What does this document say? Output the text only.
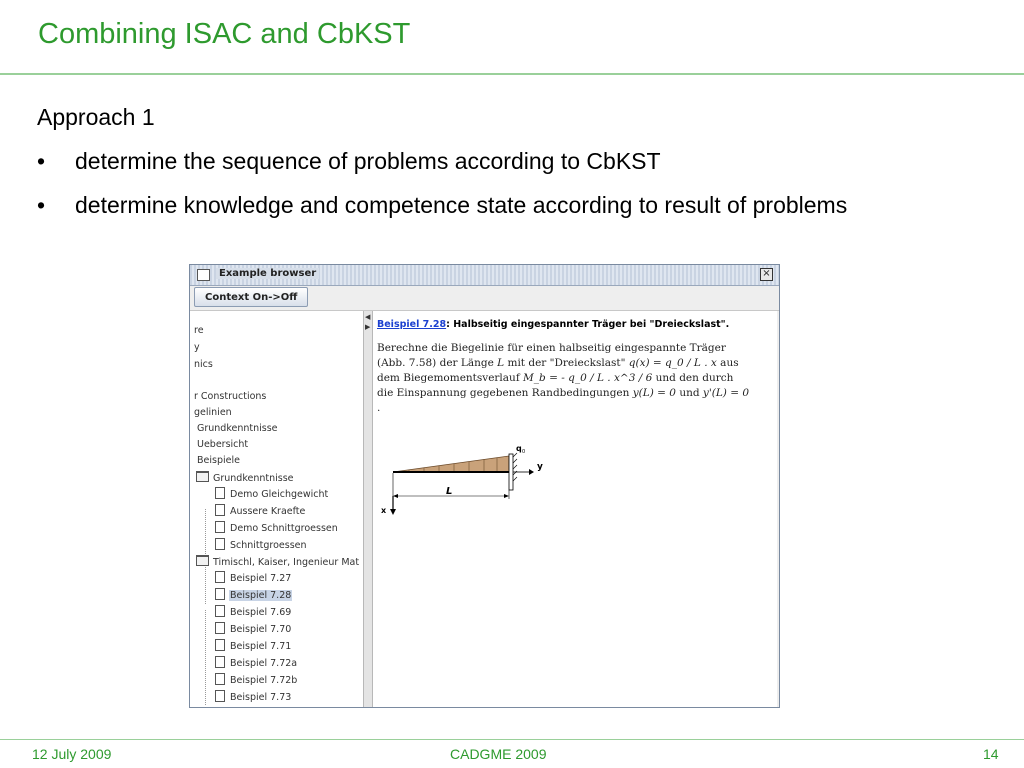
Combining ISAC and CbKST
Approach 1
• determine the sequence of problems according to CbKST
• determine knowledge and competence state according to result of problems
Example browser	×
Context On->Off
re
y
nics
r Constructions
gelinien
Grundkenntnisse
Uebersicht
Beispiele
Grundkenntnisse
Demo Gleichgewicht
Aussere Kraefte
Demo Schnittgroessen
Schnittgroessen
Timischl, Kaiser, Ingenieur Mat
Beispiel 7.27
Beispiel 7.28
Beispiel 7.69
Beispiel 7.70
Beispiel 7.71
Beispiel 7.72a
Beispiel 7.72b
Beispiel 7.73
◀
▶ Beispiel 7.28: Halbseitig eingespannter Träger bei "Dreieckslast".
Berechne die Biegelinie für einen halbseitig eingespannte Träger
(Abb. 7.58) der Länge L mit der "Dreieckslast" q(x) = q_0 / L . x aus
dem Biegemomentsverlauf M_b = - q_0 / L . x^3 / 6 und den durch
die Einspannung gegebenen Randbedingungen y(L) = 0 und y'(L) = 0
.
q 0
y
L
x
12 July 2009	CADGME 2009	14
